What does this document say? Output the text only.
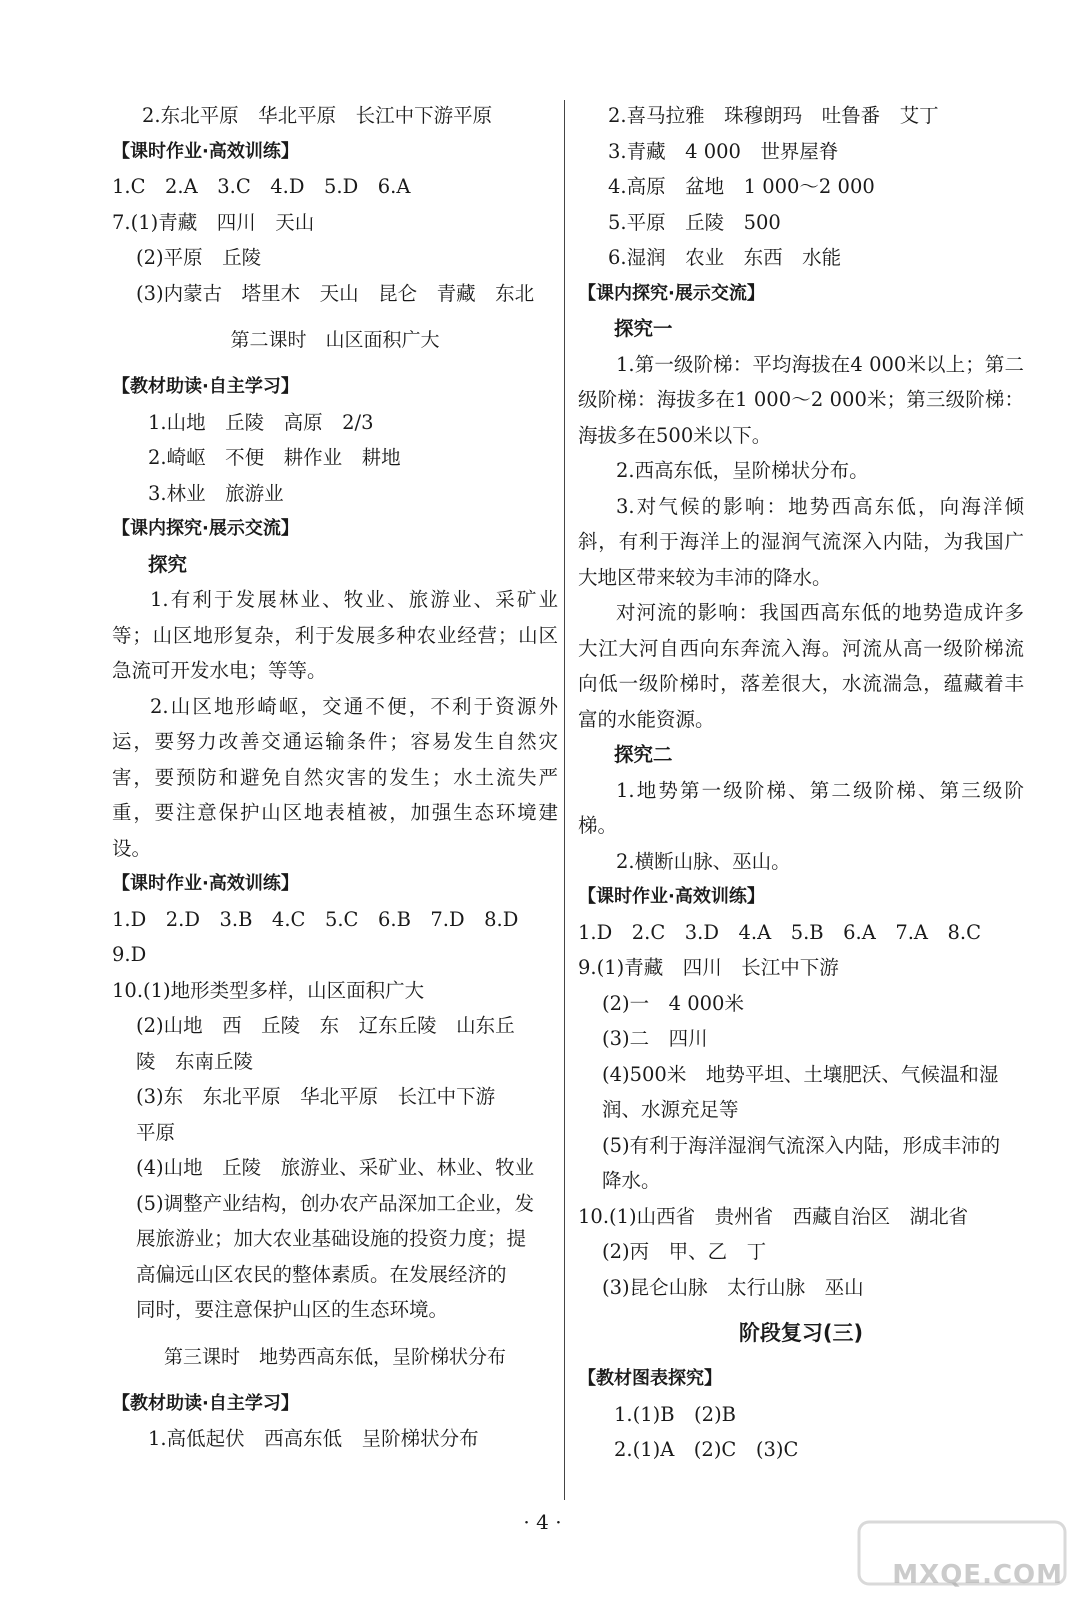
2.东北平原　华北平原　长江中下游平原
【课时作业·高效训练】
1.C　2.A　3.C　4.D　5.D　6.A
7.(1)青藏　四川　天山
(2)平原　丘陵
(3)内蒙古　塔里木　天山　昆仑　青藏　东北
第二课时　山区面积广大
【教材助读·自主学习】
1.山地　丘陵　高原　2/3
2.崎岖　不便　耕作业　耕地
3.林业　旅游业
【课内探究·展示交流】
探究
1.有利于发展林业、牧业、旅游业、采矿业等；山区地形复杂，利于发展多种农业经营；山区急流可开发水电；等等。
2.山区地形崎岖，交通不便，不利于资源外运，要努力改善交通运输条件；容易发生自然灾害，要预防和避免自然灾害的发生；水土流失严重，要注意保护山区地表植被，加强生态环境建设。
【课时作业·高效训练】
1.D　2.D　3.B　4.C　5.C　6.B　7.D　8.D
9.D
10.(1)地形类型多样，山区面积广大
(2)山地　西　丘陵　东　辽东丘陵　山东丘
陵　东南丘陵
(3)东　东北平原　华北平原　长江中下游
平原
(4)山地　丘陵　旅游业、采矿业、林业、牧业
(5)调整产业结构，创办农产品深加工企业，发
展旅游业；加大农业基础设施的投资力度；提
高偏远山区农民的整体素质。在发展经济的
同时，要注意保护山区的生态环境。
第三课时　地势西高东低，呈阶梯状分布
【教材助读·自主学习】
1.高低起伏　西高东低　呈阶梯状分布
2.喜马拉雅　珠穆朗玛　吐鲁番　艾丁
3.青藏　4 000　世界屋脊
4.高原　盆地　1 000～2 000
5.平原　丘陵　500
6.湿润　农业　东西　水能
【课内探究·展示交流】
探究一
1.第一级阶梯：平均海拔在4 000米以上；第二级阶梯：海拔多在1 000～2 000米；第三级阶梯：海拔多在500米以下。
2.西高东低，呈阶梯状分布。
3.对气候的影响：地势西高东低，向海洋倾斜，有利于海洋上的湿润气流深入内陆，为我国广大地区带来较为丰沛的降水。
对河流的影响：我国西高东低的地势造成许多大江大河自西向东奔流入海。河流从高一级阶梯流向低一级阶梯时，落差很大，水流湍急，蕴藏着丰富的水能资源。
探究二
1.地势第一级阶梯、第二级阶梯、第三级阶梯。
2.横断山脉、巫山。
【课时作业·高效训练】
1.D　2.C　3.D　4.A　5.B　6.A　7.A　8.C
9.(1)青藏　四川　长江中下游
(2)一　4 000米
(3)二　四川
(4)500米　地势平坦、土壤肥沃、气候温和湿
润、水源充足等
(5)有利于海洋湿润气流深入内陆，形成丰沛的
降水。
10.(1)山西省　贵州省　西藏自治区　湖北省
(2)丙　甲、乙　丁
(3)昆仑山脉　太行山脉　巫山
阶段复习(三)
【教材图表探究】
1.(1)B　(2)B
2.(1)A　(2)C　(3)C
· 4 ·
MXQE.COM
